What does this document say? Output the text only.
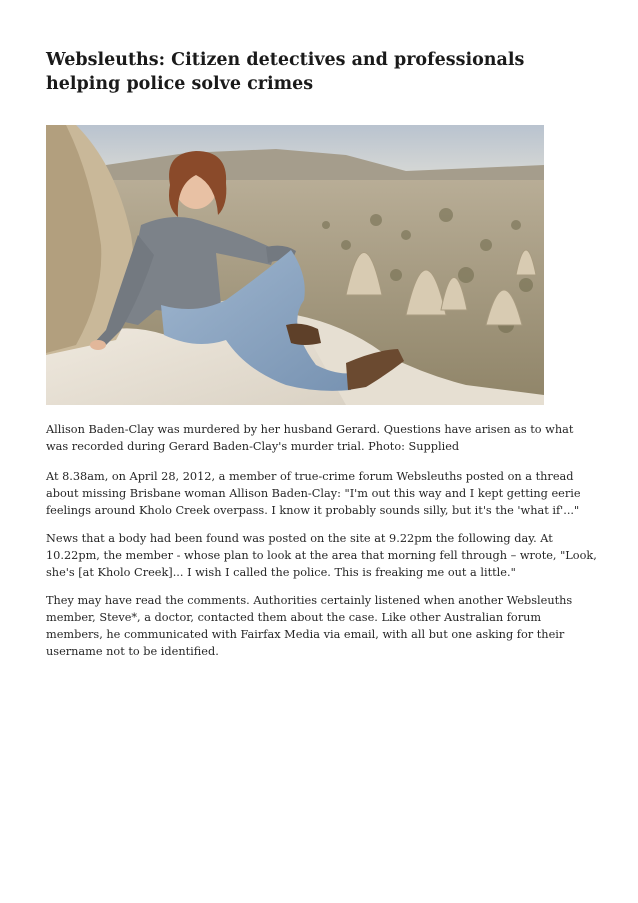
Websleuths: Citizen detectives and professionals helping police solve crimes

Allison Baden-Clay was murdered by her husband Gerard. Questions have arisen as to what was recorded during Gerard Baden-Clay's murder trial. Photo: Supplied

At 8.38am, on April 28, 2012, a member of true-crime forum Websleuths posted on a thread about missing Brisbane woman Allison Baden-Clay: "I'm out this way and I kept getting eerie feelings around Kholo Creek overpass. I know it probably sounds silly, but it's the 'what if'..."

News that a body had been found was posted on the site at 9.22pm the following day. At 10.22pm, the member - whose plan to look at the area that morning fell through – wrote, "Look, she's [at Kholo Creek]... I wish I called the police. This is freaking me out a little."

They may have read the comments. Authorities certainly listened when another Websleuths member, Steve*, a doctor, contacted them about the case. Like other Australian forum members, he communicated with Fairfax Media via email, with all but one asking for their username not to be identified.
